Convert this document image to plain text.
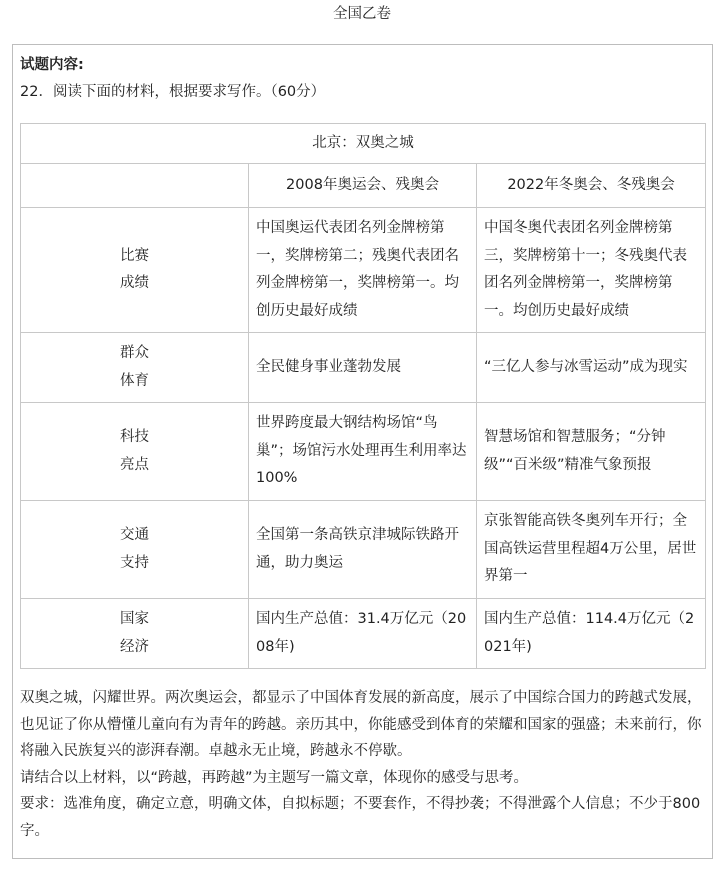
全国乙卷
试题内容:
22．阅读下面的材料，根据要求写作。（60分）
北京：双奥之城		
	2008年奥运会、残奥会	2022年冬奥会、冬残奥会

比赛
成绩	中国奥运代表团名列金牌榜第一，奖牌榜第二；残奥代表团名列金牌榜第一，奖牌榜第一。均创历史最好成绩	中国冬奥代表团名列金牌榜第三，奖牌榜第十一；冬残奥代表团名列金牌榜第一，奖牌榜第一。均创历史最好成绩

群众
体育	全民健身事业蓬勃发展	“三亿人参与冰雪运动”成为现实

科技
亮点	世界跨度最大钢结构场馆“鸟巢”；场馆污水处理再生利用率达100%	智慧场馆和智慧服务；“分钟级”“百米级”精准气象预报

交通
支持	全国第一条高铁京津城际铁路开通，助力奥运	京张智能高铁冬奥列车开行；全国高铁运营里程超4万公里，居世界第一

国家
经济	国内生产总值：31.4万亿元（2008年)	国内生产总值：114.4万亿元（2021年)

双奥之城，闪耀世界。两次奥运会，都显示了中国体育发展的新高度，展示了中国综合国力的跨越式发展，也见证了你从懵懂儿童向有为青年的跨越。亲历其中，你能感受到体育的荣耀和国家的强盛；未来前行，你将融入民族复兴的澎湃春潮。卓越永无止境，跨越永不停歇。

请结合以上材料，以“跨越，再跨越”为主题写一篇文章，体现你的感受与思考。

要求：选准角度，确定立意，明确文体，自拟标题；不要套作，不得抄袭；不得泄露个人信息；不少于800字。
